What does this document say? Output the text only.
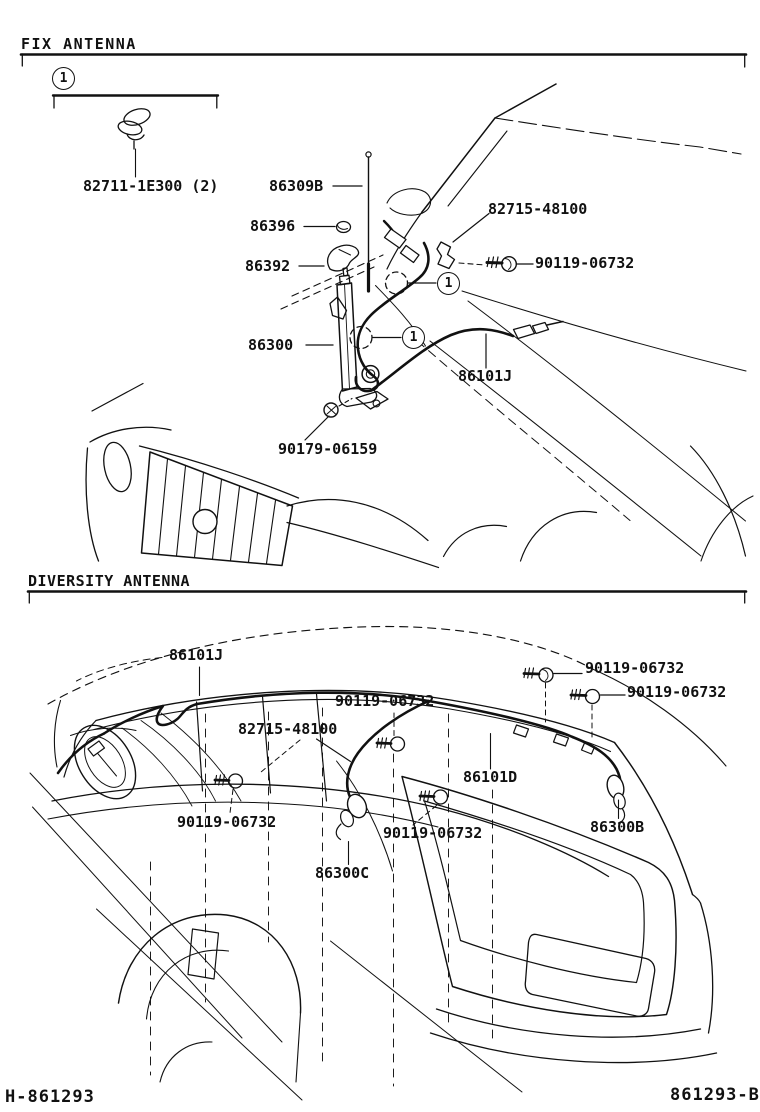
FIX ANTENNA
DIVERSITY ANTENNA
1
1
1
82711-1E300 (2)	86309B
86396
86392
82715-48100
90119-06732
86300
86101J
90179-06159
86101J
90119-06732
90119-06732
90119-06732
82715-48100
86101D
90119-06732
90119-06732	86300B
86300C
H-861293	861293-B
